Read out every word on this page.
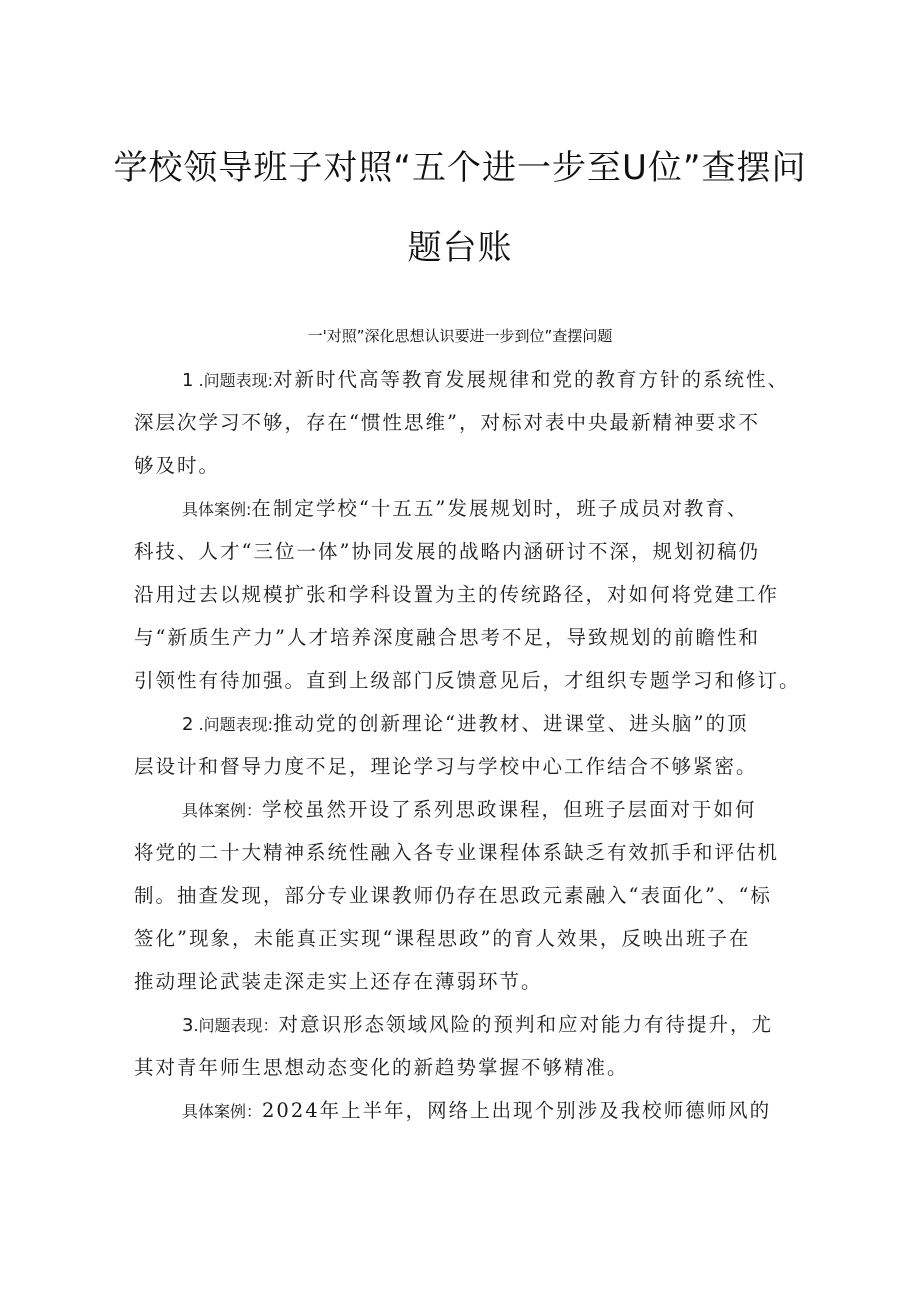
学校领导班子对照“五个进一步至U位”查摆问
题台账
一'对照”深化思想认识要进一步到位”查摆问题
1 .问题表现:对新时代高等教育发展规律和党的教育方针的系统性、
深层次学习不够，存在“惯性思维”，对标对表中央最新精神要求不
够及时。
具体案例:在制定学校“十五五”发展规划时，班子成员对教育、
科技、人才“三位一体”协同发展的战略内涵研讨不深，规划初稿仍
沿用过去以规模扩张和学科设置为主的传统路径，对如何将党建工作
与“新质生产力”人才培养深度融合思考不足，导致规划的前瞻性和
引领性有待加强。直到上级部门反馈意见后，才组织专题学习和修订。
2 .问题表现:推动党的创新理论“进教材、进课堂、进头脑”的顶
层设计和督导力度不足，理论学习与学校中心工作结合不够紧密。
具体案例：学校虽然开设了系列思政课程，但班子层面对于如何
将党的二十大精神系统性融入各专业课程体系缺乏有效抓手和评估机
制。抽查发现，部分专业课教师仍存在思政元素融入“表面化”、“标
签化”现象，未能真正实现“课程思政”的育人效果，反映出班子在
推动理论武装走深走实上还存在薄弱环节。
3.问题表现：对意识形态领域风险的预判和应对能力有待提升，尤
其对青年师生思想动态变化的新趋势掌握不够精准。
具体案例：2024年上半年，网络上出现个别涉及我校师德师风的
